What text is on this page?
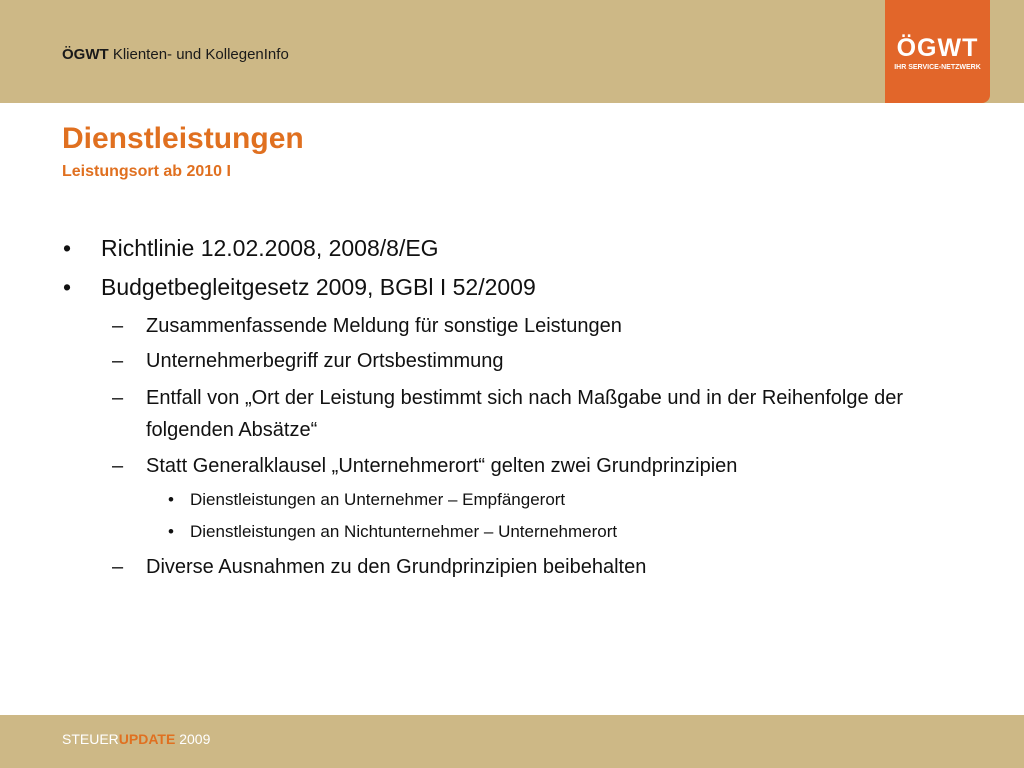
ÖGWT Klienten- und KollegenInfo	ÖGWT
IHR SERVICE-NETZWERK
Dienstleistungen
Leistungsort ab 2010 I
• Richtlinie 12.02.2008, 2008/8/EG
• Budgetbegleitgesetz 2009, BGBl I 52/2009
– Zusammenfassende Meldung für sonstige Leistungen
– Unternehmerbegriff zur Ortsbestimmung
– Entfall von „Ort der Leistung bestimmt sich nach Maßgabe und in der Reihenfolge der folgenden Absätze“
– Statt Generalklausel „Unternehmerort“ gelten zwei Grundprinzipien
• Dienstleistungen an Unternehmer – Empfängerort
• Dienstleistungen an Nichtunternehmer – Unternehmerort
– Diverse Ausnahmen zu den Grundprinzipien beibehalten
STEUERUPDATE 2009
